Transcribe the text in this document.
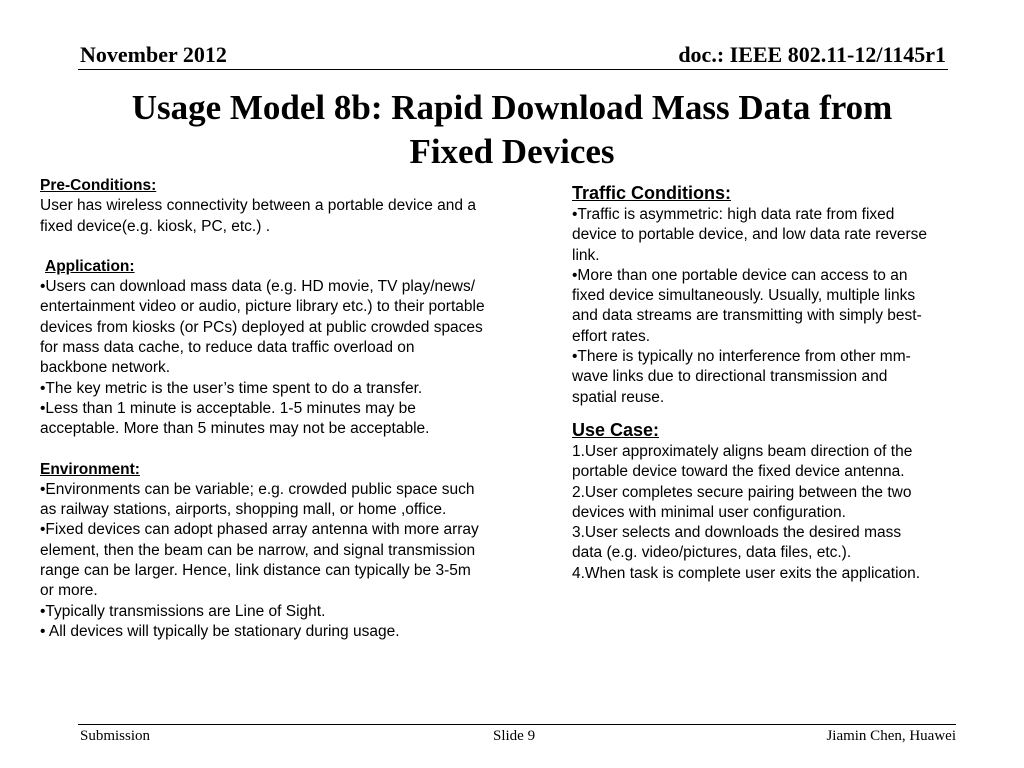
November 2012	doc.: IEEE 802.11-12/1145r1
Usage Model 8b: Rapid Download Mass Data from
Fixed Devices
Pre-Conditions:
User has wireless connectivity between a portable device and a
fixed device(e.g. kiosk, PC, etc.) .
Application:
•Users can download mass data (e.g. HD movie, TV play/news/
entertainment video or audio, picture library etc.) to their portable
devices from kiosks (or PCs) deployed at public crowded spaces
for mass data cache, to reduce data traffic overload on
backbone network.
•The key metric is the user’s time spent to do a transfer.
•Less than 1 minute is acceptable. 1-5 minutes may be
acceptable. More than 5 minutes may not be acceptable.
Environment:
•Environments can be variable; e.g. crowded public space such
as railway stations, airports, shopping mall, or home ,office.
•Fixed devices can adopt phased array antenna with more array
element, then the beam can be narrow, and signal transmission
range can be larger. Hence, link distance can typically be 3-5m
or more.
•Typically transmissions are Line of Sight.
• All devices will typically be stationary during usage.
Traffic Conditions:
•Traffic is asymmetric: high data rate from fixed
device to portable device, and low data rate reverse
link.
•More than one portable device can access to an
fixed device simultaneously. Usually, multiple links
and data streams are transmitting with simply best-
effort rates.
•There is typically no interference from other mm-
wave links due to directional transmission and
spatial reuse.
Use Case:
1.User approximately aligns beam direction of the
portable device toward the fixed device antenna.
2.User completes secure pairing between the two
devices with minimal user configuration.
3.User selects and downloads the desired mass
data (e.g. video/pictures, data files, etc.).
4.When task is complete user exits the application.
Submission	Slide 9	Jiamin Chen, Huawei
